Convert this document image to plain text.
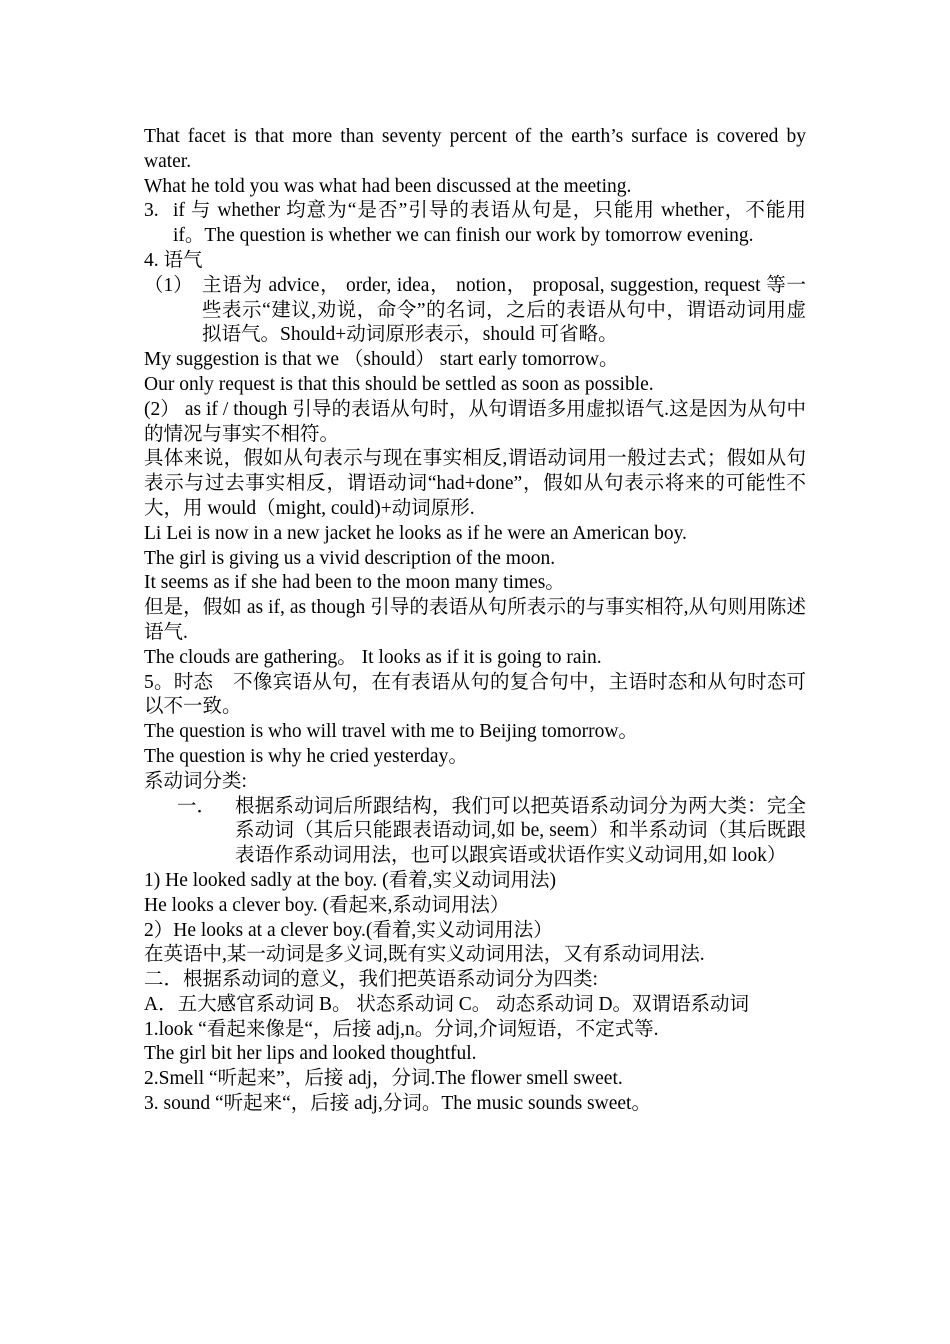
That facet is that more than seventy percent of the earth’s surface is covered by water.

What he told you was what had been discussed at the meeting.

3. if 与 whether 均意为“是否”引导的表语从句是，只能用 whether，不能用 if。The question is whether we can finish our work by tomorrow evening.

4. 语气

（1） 主语为 advice， order, idea， notion， proposal, suggestion, request 等一些表示“建议,劝说，命令”的名词，之后的表语从句中，谓语动词用虚拟语气。Should+动词原形表示，should 可省略。

My suggestion is that we （should） start early tomorrow。

Our only request is that this should be settled as soon as possible.

(2） as if / though 引导的表语从句时，从句谓语多用虚拟语气.这是因为从句中的情况与事实不相符。

具体来说，假如从句表示与现在事实相反,谓语动词用一般过去式；假如从句表示与过去事实相反，谓语动词“had+done”，假如从句表示将来的可能性不大，用 would（might, could)+动词原形.

Li Lei is now in a new jacket he looks as if he were an American boy.

The girl is giving us a vivid description of the moon.

It seems as if she had been to the moon many times。

但是，假如 as if, as though 引导的表语从句所表示的与事实相符,从句则用陈述语气.

The clouds are gathering。 It looks as if it is going to rain.

5。时态　不像宾语从句，在有表语从句的复合句中，主语时态和从句时态可以不一致。

The question is who will travel with me to Beijing tomorrow。

The question is why he cried yesterday。

系动词分类:

一． 根据系动词后所跟结构，我们可以把英语系动词分为两大类：完全系动词（其后只能跟表语动词,如 be, seem）和半系动词（其后既跟表语作系动词用法，也可以跟宾语或状语作实义动词用,如 look）

1) He looked sadly at the boy. (看着,实义动词用法)

He looks a clever boy. (看起来,系动词用法）

2）He looks at a clever boy.(看着,实义动词用法）

在英语中,某一动词是多义词,既有实义动词用法，又有系动词用法.

二．根据系动词的意义，我们把英语系动词分为四类:

A．五大感官系动词 B。 状态系动词 C。 动态系动词 D。双谓语系动词

1.look “看起来像是“，后接 adj,n。分词,介词短语，不定式等.

The girl bit her lips and looked thoughtful.

2.Smell “听起来”，后接 adj，分词.The flower smell sweet.

3. sound “听起来“，后接 adj,分词。The music sounds sweet。
